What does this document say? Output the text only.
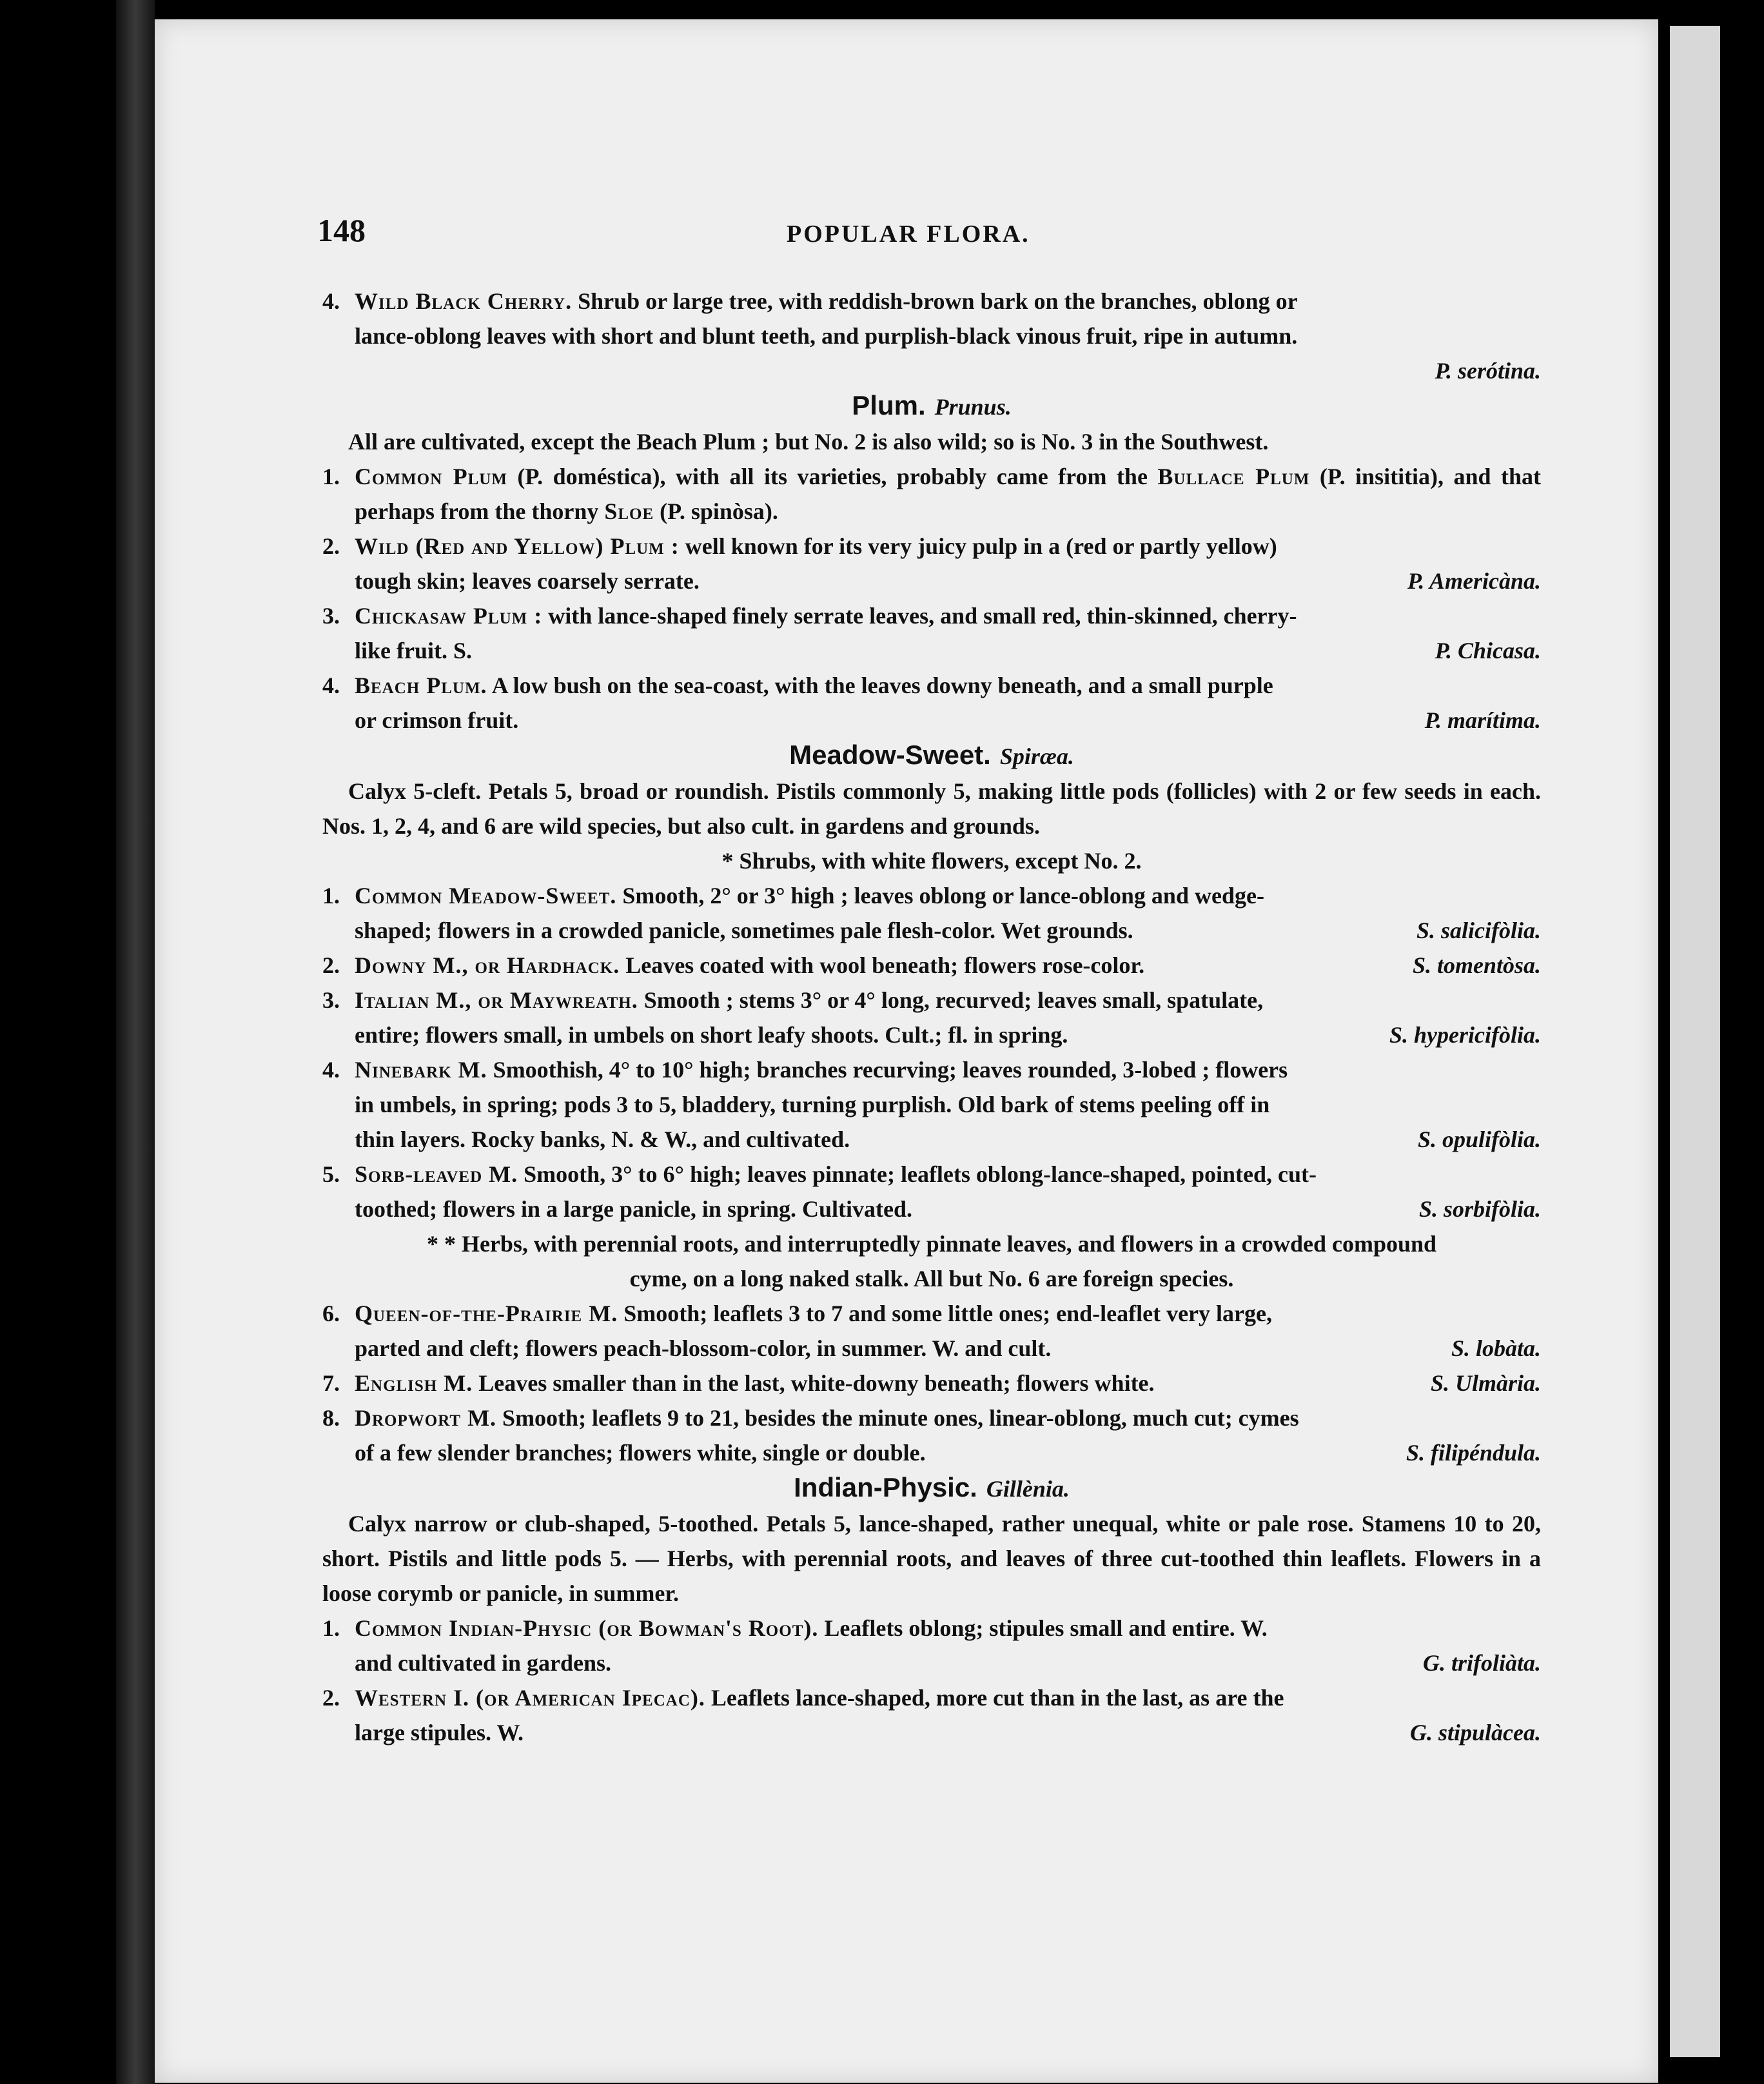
148	POPULAR FLORA.
4. Wild Black Cherry. Shrub or large tree, with reddish-brown bark on the branches, oblong or
lance-oblong leaves with short and blunt teeth, and purplish-black vinous fruit, ripe in autumn.
P. serótina.
Plum. Prunus.
All are cultivated, except the Beach Plum ; but No. 2 is also wild; so is No. 3 in the Southwest.
1. Common Plum (P. doméstica), with all its varieties, probably came from the Bullace Plum (P. insititia), and that perhaps from the thorny Sloe (P. spinòsa).
2. Wild (Red and Yellow) Plum : well known for its very juicy pulp in a (red or partly yellow)
tough skin; leaves coarsely serrate.	P. Americàna.
3. Chickasaw Plum : with lance-shaped finely serrate leaves, and small red, thin-skinned, cherry-
like fruit. S.	P. Chicasa.
4. Beach Plum. A low bush on the sea-coast, with the leaves downy beneath, and a small purple
or crimson fruit.	P. marítima.
Meadow-Sweet. Spiræa.
Calyx 5-cleft. Petals 5, broad or roundish. Pistils commonly 5, making little pods (follicles) with 2 or few seeds in each. Nos. 1, 2, 4, and 6 are wild species, but also cult. in gardens and grounds.
* Shrubs, with white flowers, except No. 2.
1. Common Meadow-Sweet. Smooth, 2° or 3° high ; leaves oblong or lance-oblong and wedge-
shaped; flowers in a crowded panicle, sometimes pale flesh-color. Wet grounds.	S. salicifòlia.
2. Downy M., or Hardhack. Leaves coated with wool beneath; flowers rose-color.	S. tomentòsa.
3. Italian M., or Maywreath. Smooth ; stems 3° or 4° long, recurved; leaves small, spatulate,
entire; flowers small, in umbels on short leafy shoots. Cult.; fl. in spring.	S. hypericifòlia.
4. Ninebark M. Smoothish, 4° to 10° high; branches recurving; leaves rounded, 3-lobed ; flowers
in umbels, in spring; pods 3 to 5, bladdery, turning purplish. Old bark of stems peeling off in
thin layers. Rocky banks, N. & W., and cultivated.	S. opulifòlia.
5. Sorb-leaved M. Smooth, 3° to 6° high; leaves pinnate; leaflets oblong-lance-shaped, pointed, cut-
toothed; flowers in a large panicle, in spring. Cultivated.	S. sorbifòlia.
* * Herbs, with perennial roots, and interruptedly pinnate leaves, and flowers in a crowded compound
cyme, on a long naked stalk. All but No. 6 are foreign species.
6. Queen-of-the-Prairie M. Smooth; leaflets 3 to 7 and some little ones; end-leaflet very large,
parted and cleft; flowers peach-blossom-color, in summer. W. and cult.	S. lobàta.
7. English M. Leaves smaller than in the last, white-downy beneath; flowers white.	S. Ulmària.
8. Dropwort M. Smooth; leaflets 9 to 21, besides the minute ones, linear-oblong, much cut; cymes
of a few slender branches; flowers white, single or double.	S. filipéndula.
Indian-Physic. Gillènia.
Calyx narrow or club-shaped, 5-toothed. Petals 5, lance-shaped, rather unequal, white or pale rose. Stamens 10 to 20, short. Pistils and little pods 5. — Herbs, with perennial roots, and leaves of three cut-toothed thin leaflets. Flowers in a loose corymb or panicle, in summer.
1. Common Indian-Physic (or Bowman's Root). Leaflets oblong; stipules small and entire. W.
and cultivated in gardens.	G. trifoliàta.
2. Western I. (or American Ipecac). Leaflets lance-shaped, more cut than in the last, as are the
large stipules. W.	G. stipulàcea.
